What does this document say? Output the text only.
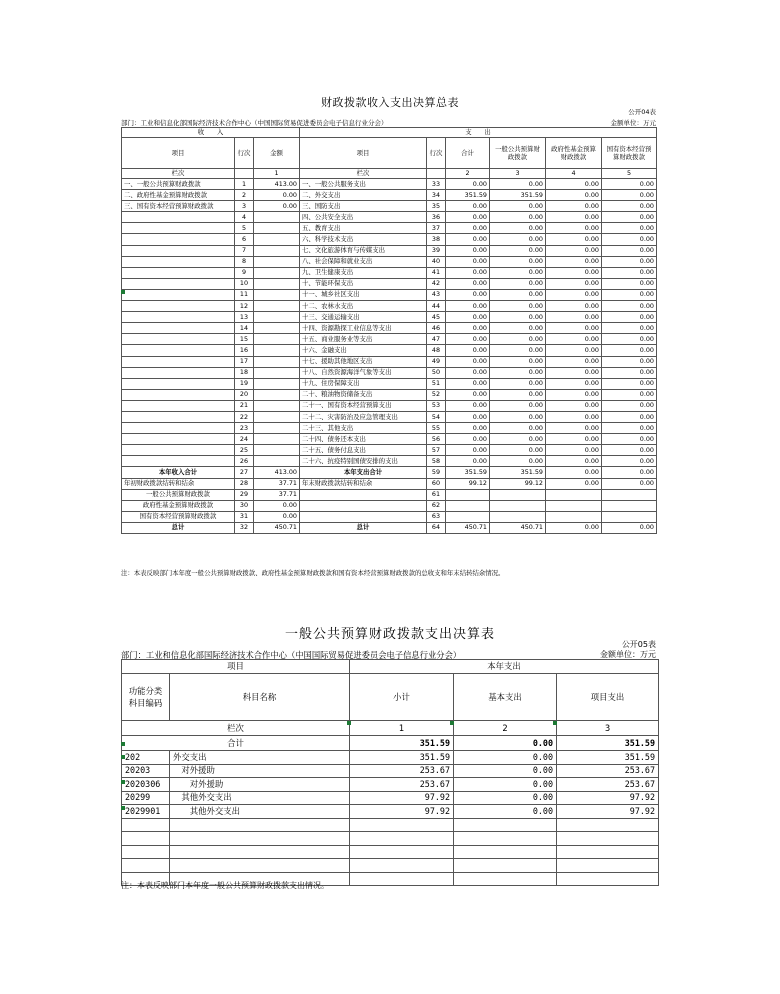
财政拨款收入支出决算总表
公开04表
部门：工业和信息化部国际经济技术合作中心（中国国际贸易促进委员会电子信息行业分会）	金额单位：万元
收　　入			支　　出					
项目	行次	金额	项目	行次	合计	一般公共预算财政拨款	政府性基金预算财政拨款	国有资本经营预算财政拨款
栏次		1	栏次		2	3	4	5
一、一般公共预算财政拨款	1	413.00	一、一般公共服务支出	33	0.00	0.00	0.00	0.00
二、政府性基金预算财政拨款	2	0.00	二、外交支出	34	351.59	351.59	0.00	0.00
三、国有资本经营预算财政拨款	3	0.00	三、国防支出	35	0.00	0.00	0.00	0.00
	4		四、公共安全支出	36	0.00	0.00	0.00	0.00
	5		五、教育支出	37	0.00	0.00	0.00	0.00
	6		六、科学技术支出	38	0.00	0.00	0.00	0.00
	7		七、文化旅游体育与传媒支出	39	0.00	0.00	0.00	0.00
	8		八、社会保障和就业支出	40	0.00	0.00	0.00	0.00
	9		九、卫生健康支出	41	0.00	0.00	0.00	0.00
	10		十、节能环保支出	42	0.00	0.00	0.00	0.00
	11		十一、城乡社区支出	43	0.00	0.00	0.00	0.00
	12		十二、农林水支出	44	0.00	0.00	0.00	0.00
	13		十三、交通运输支出	45	0.00	0.00	0.00	0.00
	14		十四、资源勘探工业信息等支出	46	0.00	0.00	0.00	0.00
	15		十五、商业服务业等支出	47	0.00	0.00	0.00	0.00
	16		十六、金融支出	48	0.00	0.00	0.00	0.00
	17		十七、援助其他地区支出	49	0.00	0.00	0.00	0.00
	18		十八、自然资源海洋气象等支出	50	0.00	0.00	0.00	0.00
	19		十九、住房保障支出	51	0.00	0.00	0.00	0.00
	20		二十、粮油物资储备支出	52	0.00	0.00	0.00	0.00
	21		二十一、国有资本经营预算支出	53	0.00	0.00	0.00	0.00
	22		二十二、灾害防治及应急管理支出	54	0.00	0.00	0.00	0.00
	23		二十三、其他支出	55	0.00	0.00	0.00	0.00
	24		二十四、债务还本支出	56	0.00	0.00	0.00	0.00
	25		二十五、债务付息支出	57	0.00	0.00	0.00	0.00
	26		二十六、抗疫特别国债安排的支出	58	0.00	0.00	0.00	0.00
本年收入合计	27	413.00	本年支出合计	59	351.59	351.59	0.00	0.00
年初财政拨款结转和结余	28	37.71	年末财政拨款结转和结余	60	99.12	99.12	0.00	0.00
一般公共预算财政拨款	29	37.71		61				
政府性基金预算财政拨款	30	0.00		62				
国有资本经营预算财政拨款	31	0.00		63				
总计	32	450.71	总计	64	450.71	450.71	0.00	0.00
注：本表反映部门本年度一般公共预算财政拨款、政府性基金预算财政拨款和国有资本经营预算财政拨款的总收支和年末结转结余情况。
一般公共预算财政拨款支出决算表
公开05表
部门：工业和信息化部国际经济技术合作中心（中国国际贸易促进委员会电子信息行业分会）	金额单位：万元
项目		本年支出		
功能分类科目编码	科目名称	小计	基本支出	项目支出
栏次		1	2	3
合计		351.59	0.00	351.59
202	外交支出	351.59	0.00	351.59
20203	　对外援助	253.67	0.00	253.67
2020306	　　对外援助	253.67	0.00	253.67
20299	　其他外交支出	97.92	0.00	97.92
2029901	　　其他外交支出	97.92	0.00	97.92

注：本表反映部门本年度一般公共预算财政拨款支出情况。
